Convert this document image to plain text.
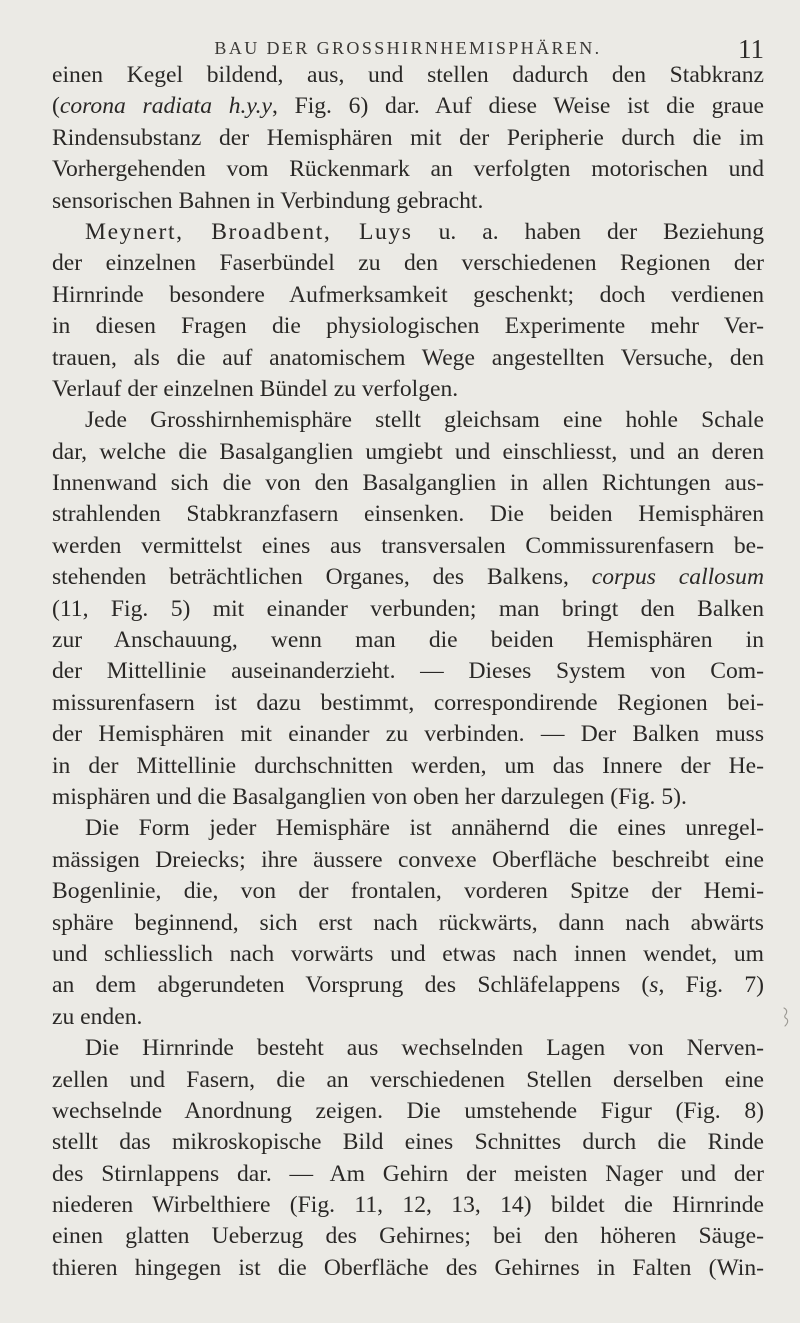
BAU DER GROSSHIRNHEMISPHÄREN.	11
einen Kegel bildend, aus, und stellen dadurch den Stabkranz
(corona radiata h.y.y, Fig. 6) dar. Auf diese Weise ist die graue
Rindensubstanz der Hemisphären mit der Peripherie durch die im
Vorhergehenden vom Rückenmark an verfolgten motorischen und
sensorischen Bahnen in Verbindung gebracht.
Meynert, Broadbent, Luys u. a. haben der Beziehung
der einzelnen Faserbündel zu den verschiedenen Regionen der
Hirnrinde besondere Aufmerksamkeit geschenkt; doch verdienen
in diesen Fragen die physiologischen Experimente mehr Ver-
trauen, als die auf anatomischem Wege angestellten Versuche, den
Verlauf der einzelnen Bündel zu verfolgen.
Jede Grosshirnhemisphäre stellt gleichsam eine hohle Schale
dar, welche die Basalganglien umgiebt und einschliesst, und an deren
Innenwand sich die von den Basalganglien in allen Richtungen aus-
strahlenden Stabkranzfasern einsenken. Die beiden Hemisphären
werden vermittelst eines aus transversalen Commissurenfasern be-
stehenden beträchtlichen Organes, des Balkens, corpus callosum
(11, Fig. 5) mit einander verbunden; man bringt den Balken
zur Anschauung, wenn man die beiden Hemisphären in
der Mittellinie auseinanderzieht. — Dieses System von Com-
missurenfasern ist dazu bestimmt, correspondirende Regionen bei-
der Hemisphären mit einander zu verbinden. — Der Balken muss
in der Mittellinie durchschnitten werden, um das Innere der He-
misphären und die Basalganglien von oben her darzulegen (Fig. 5).
Die Form jeder Hemisphäre ist annähernd die eines unregel-
mässigen Dreiecks; ihre äussere convexe Oberfläche beschreibt eine
Bogenlinie, die, von der frontalen, vorderen Spitze der Hemi-
sphäre beginnend, sich erst nach rückwärts, dann nach abwärts
und schliesslich nach vorwärts und etwas nach innen wendet, um
an dem abgerundeten Vorsprung des Schläfelappens (s, Fig. 7)
zu enden.
Die Hirnrinde besteht aus wechselnden Lagen von Nerven-
zellen und Fasern, die an verschiedenen Stellen derselben eine
wechselnde Anordnung zeigen. Die umstehende Figur (Fig. 8)
stellt das mikroskopische Bild eines Schnittes durch die Rinde
des Stirnlappens dar. — Am Gehirn der meisten Nager und der
niederen Wirbelthiere (Fig. 11, 12, 13, 14) bildet die Hirnrinde
einen glatten Ueberzug des Gehirnes; bei den höheren Säuge-
thieren hingegen ist die Oberfläche des Gehirnes in Falten (Win-
